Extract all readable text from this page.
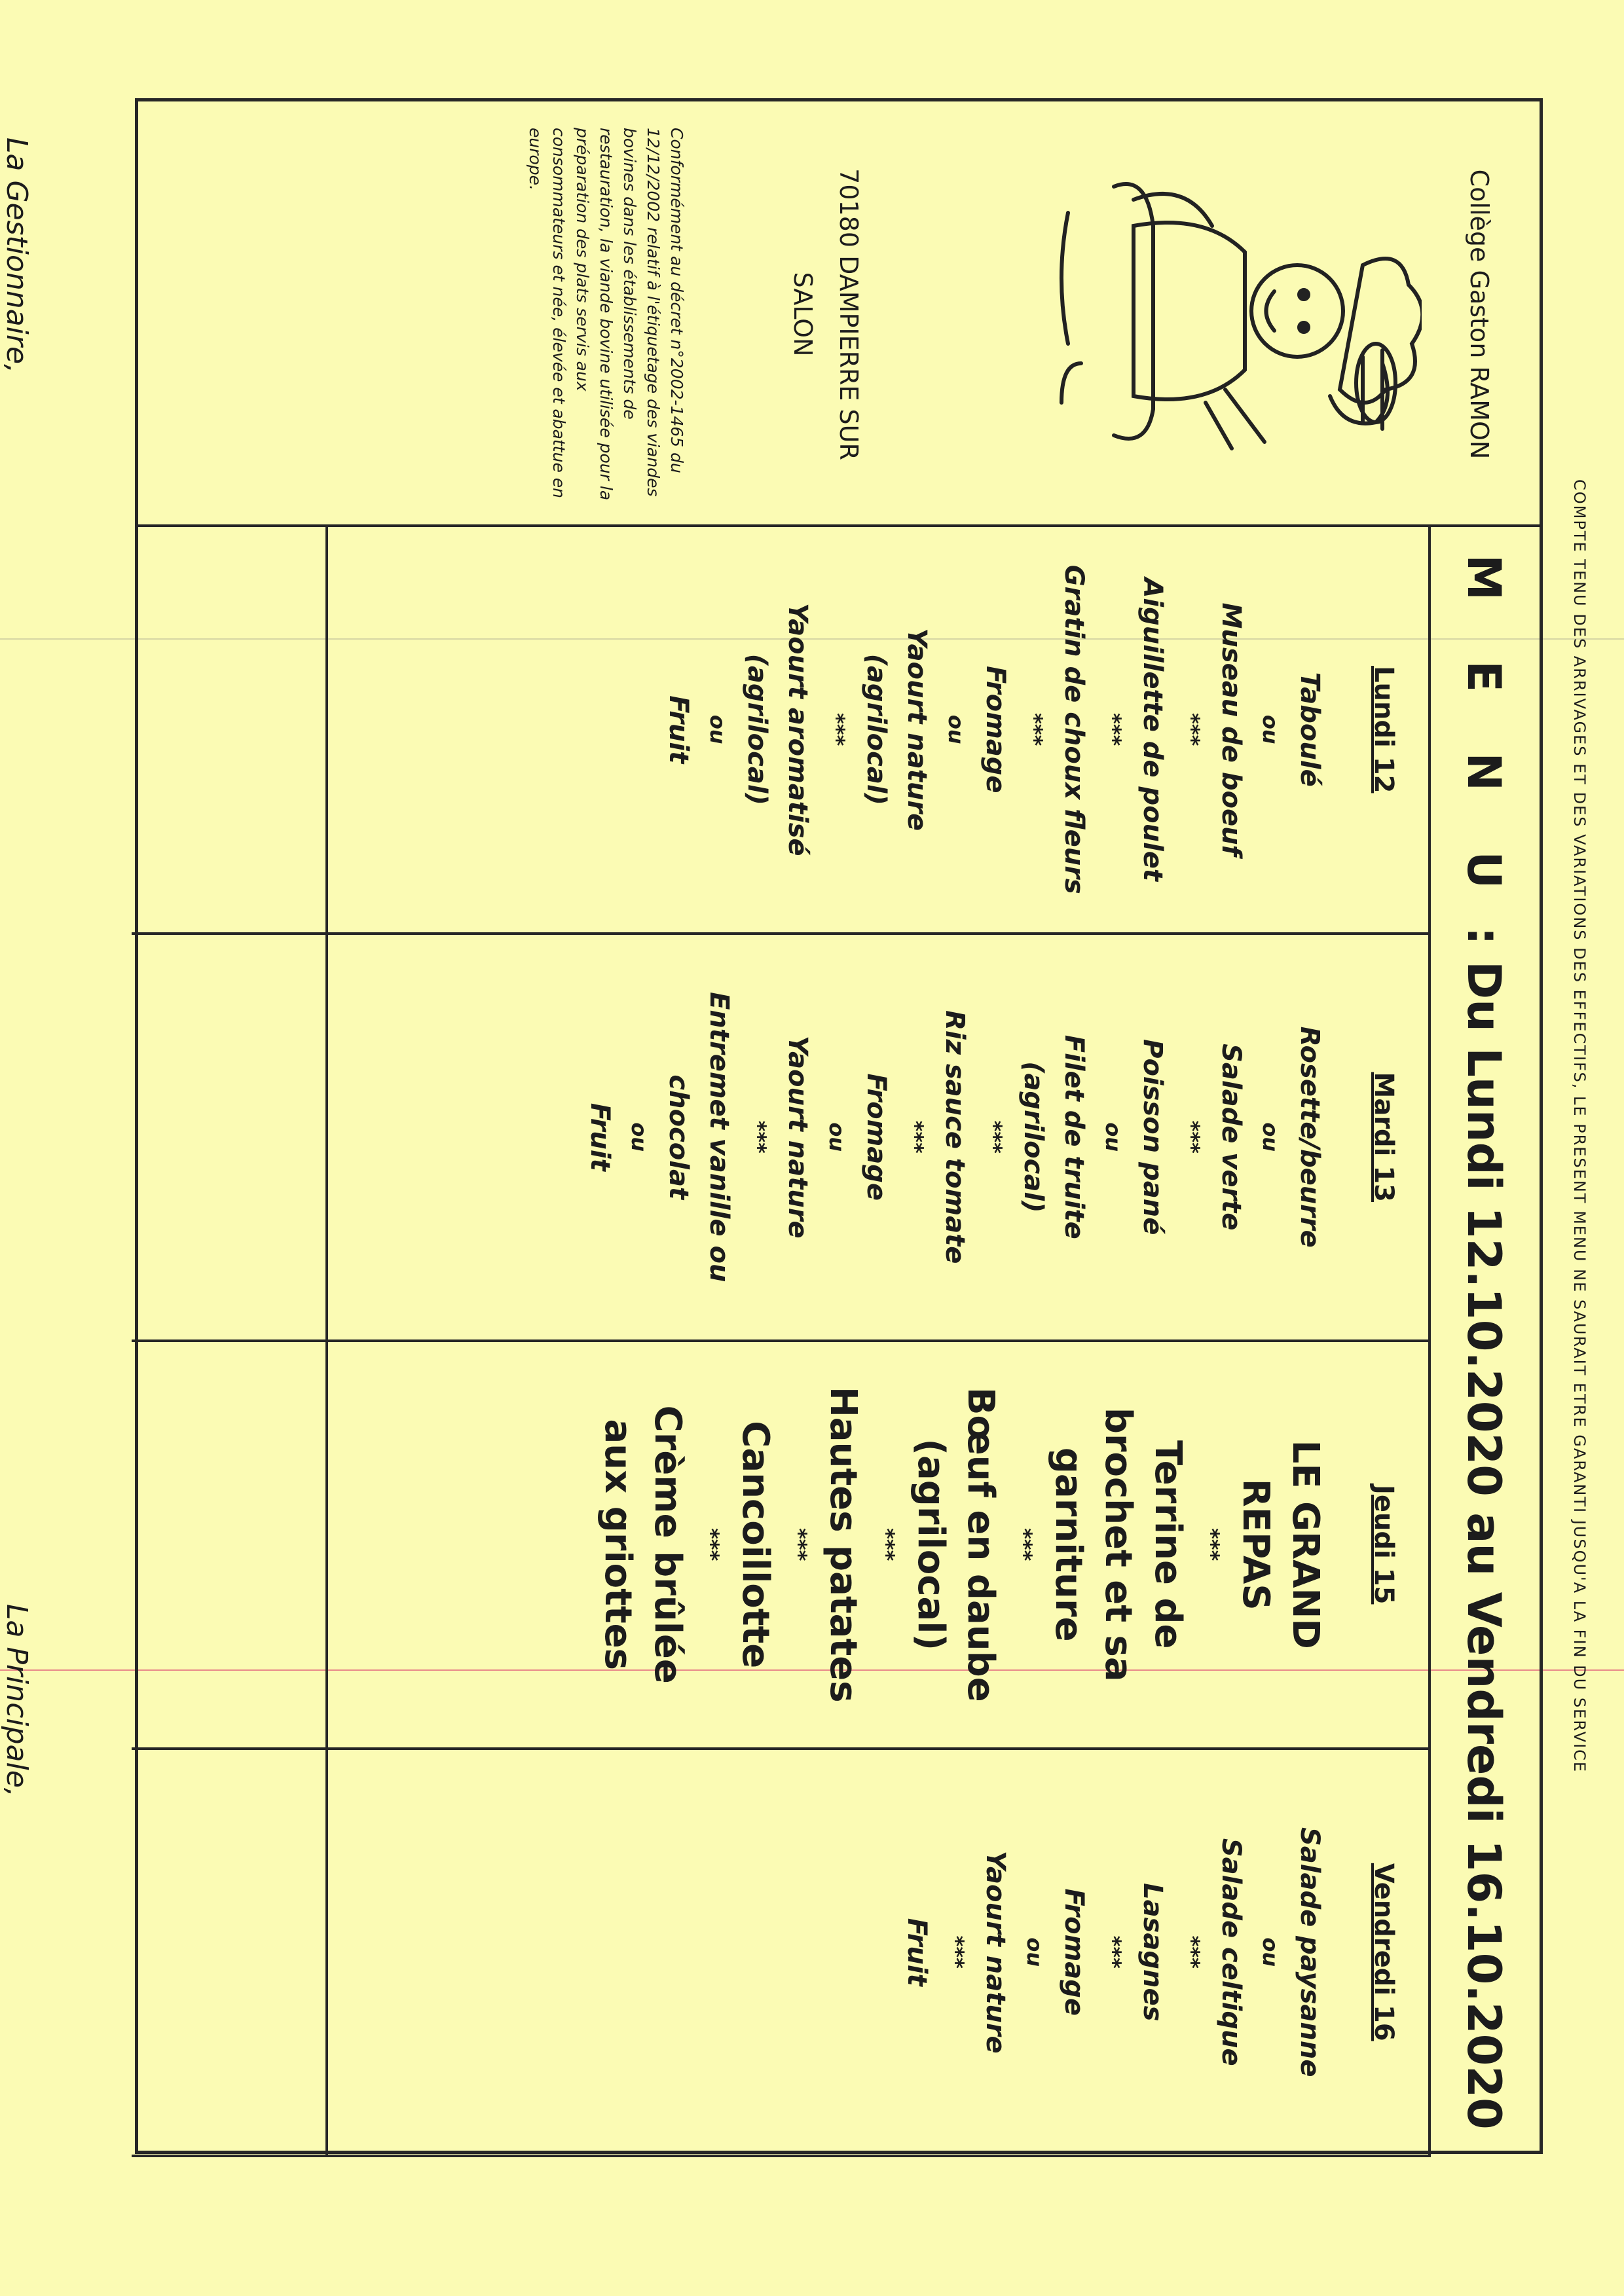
COMPTE TENU DES ARRIVAGES ET DES VARIATIONS DES EFFECTIFS, LE PRESENT MENU NE SAURAIT ETRE GARANTI JUSQU'A LA FIN DU SERVICE
Collège Gaston RAMON
70180 DAMPIERRE SUR
SALON
Conformément au décret n°2002-1465 du 12/12/2002 relatif à l'étiquetage des viandes bovines dans les établissements de restauration, la viande bovine utilisée pour la préparation des plats servis aux consommateurs et née, élevée et abattue en europe.
M E N U : Du Lundi 12.10.2020 au Vendredi 16.10.2020
Lundi 12
Taboulé
ou
Museau de boeuf
***
Aiguillette de poulet
***
Gratin de choux fleurs
***
Fromage
ou
Yaourt nature
(agrilocal)
***
Yaourt aromatisé
(agrilocal)
ou
Fruit
Mardi 13
Rosette/beurre
ou
Salade verte
***
Poisson pané
ou
Filet de truite
(agrilocal)
***
Riz sauce tomate
***
Fromage
ou
Yaourt nature
***
Entremet vanille ou
chocolat
ou
Fruit
Jeudi 15
LE GRAND
REPAS
***
Terrine de
brochet et sa
garniture
***
Bœuf en daube
(agrilocal)
***
Hautes patates
***
Cancoillotte
***
Crème brûlée
aux griottes
Vendredi 16
Salade paysanne
ou
Salade celtique
***
Lasagnes
***
Fromage
ou
Yaourt nature
***
Fruit
La Gestionnaire,
La Principale,
